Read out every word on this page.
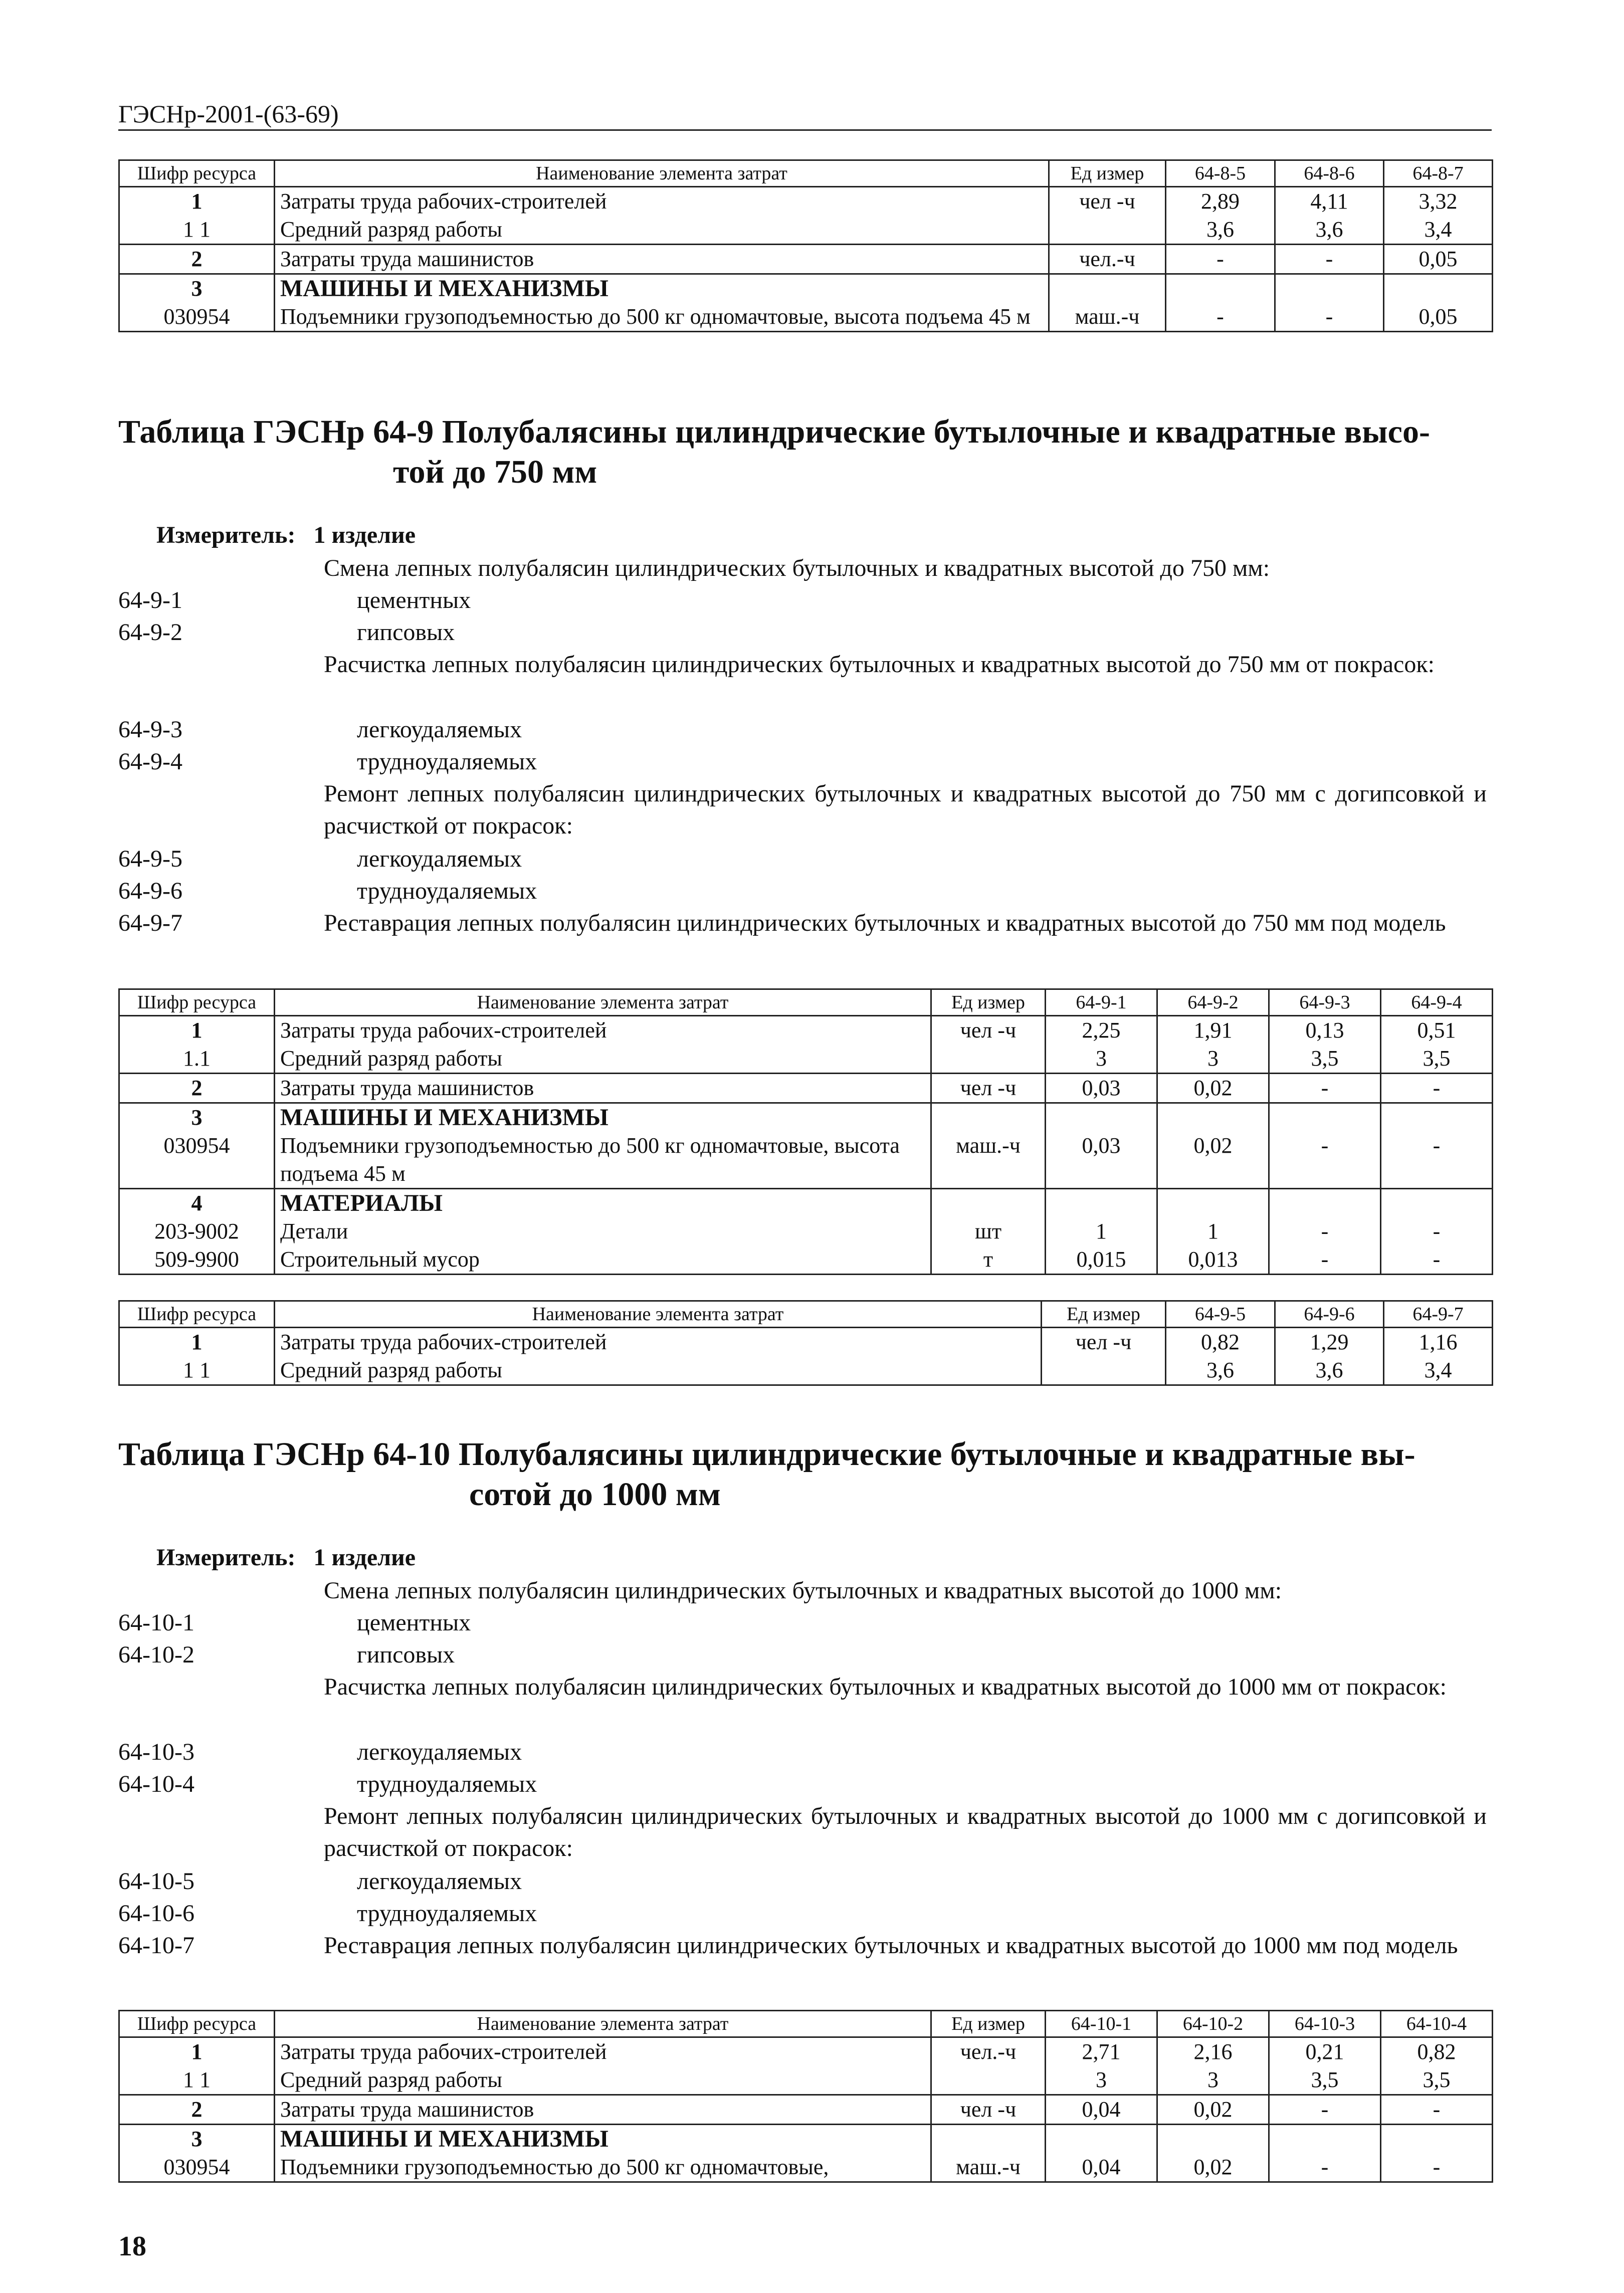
ГЭСНр-2001-(63-69)
Шифр ресурса	Наименование элемента затрат	Ед измер	64-8-5	64-8-6	64-8-7
1	Затраты труда рабочих-строителей	чел -ч	2,89	4,11	3,32
1 1	Средний разряд работы		3,6	3,6	3,4
2	Затраты труда машинистов	чел.-ч	-	-	0,05
3	МАШИНЫ И МЕХАНИЗМЫ				
030954	Подъемники грузоподъемностью до 500 кг одномачтовые, высота подъема 45 м	маш.-ч	-	-	0,05
Таблица ГЭСНр 64-9 Полубалясины цилиндрические бутылочные и квадратные высо-
той до 750 мм
Измеритель: 1 изделие
Смена лепных полубалясин цилиндрических бутылочных и квадратных высотой до 750 мм:
64-9-1	цементных
64-9-2	гипсовых
Расчистка лепных полубалясин цилиндрических бутылочных и квадратных высотой до 750 мм от покрасок:
64-9-3	легкоудаляемых
64-9-4	трудноудаляемых
Ремонт лепных полубалясин цилиндрических бутылочных и квадратных высотой до 750 мм с догипсовкой и расчисткой от покрасок:
64-9-5	легкоудаляемых
64-9-6	трудноудаляемых
64-9-7	Реставрация лепных полубалясин цилиндрических бутылочных и квадратных высотой до 750 мм под модель
Шифр ресурса	Наименование элемента затрат	Ед измер	64-9-1	64-9-2	64-9-3	64-9-4
1	Затраты труда рабочих-строителей	чел -ч	2,25	1,91	0,13	0,51
1.1	Средний разряд работы		3	3	3,5	3,5
2	Затраты труда машинистов	чел -ч	0,03	0,02	-	-
3	МАШИНЫ И МЕХАНИЗМЫ					
030954	Подъемники грузоподъемностью до 500 кг одномачтовые, высота подъема 45 м	маш.-ч	0,03	0,02	-	-
4	МАТЕРИАЛЫ					
203-9002	Детали	шт	1	1	-	-
509-9900	Строительный мусор	т	0,015	0,013	-	-
Шифр ресурса	Наименование элемента затрат	Ед измер	64-9-5	64-9-6	64-9-7
1	Затраты труда рабочих-строителей	чел -ч	0,82	1,29	1,16
1 1	Средний разряд работы		3,6	3,6	3,4
Таблица ГЭСНр 64-10 Полубалясины цилиндрические бутылочные и квадратные вы-
сотой до 1000 мм
Измеритель: 1 изделие
Смена лепных полубалясин цилиндрических бутылочных и квадратных высотой до 1000 мм:
64-10-1	цементных
64-10-2	гипсовых
Расчистка лепных полубалясин цилиндрических бутылочных и квадратных высотой до 1000 мм от покрасок:
64-10-3	легкоудаляемых
64-10-4	трудноудаляемых
Ремонт лепных полубалясин цилиндрических бутылочных и квадратных высотой до 1000 мм с догипсовкой и расчисткой от покрасок:
64-10-5	легкоудаляемых
64-10-6	трудноудаляемых
64-10-7	Реставрация лепных полубалясин цилиндрических бутылочных и квадратных высотой до 1000 мм под модель
Шифр ресурса	Наименование элемента затрат	Ед измер	64-10-1	64-10-2	64-10-3	64-10-4
1	Затраты труда рабочих-строителей	чел.-ч	2,71	2,16	0,21	0,82
1 1	Средний разряд работы		3	3	3,5	3,5
2	Затраты труда машинистов	чел -ч	0,04	0,02	-	-
3	МАШИНЫ И МЕХАНИЗМЫ					
030954	Подъемники грузоподъемностью до 500 кг одномачтовые,	маш.-ч	0,04	0,02	-	-
18
